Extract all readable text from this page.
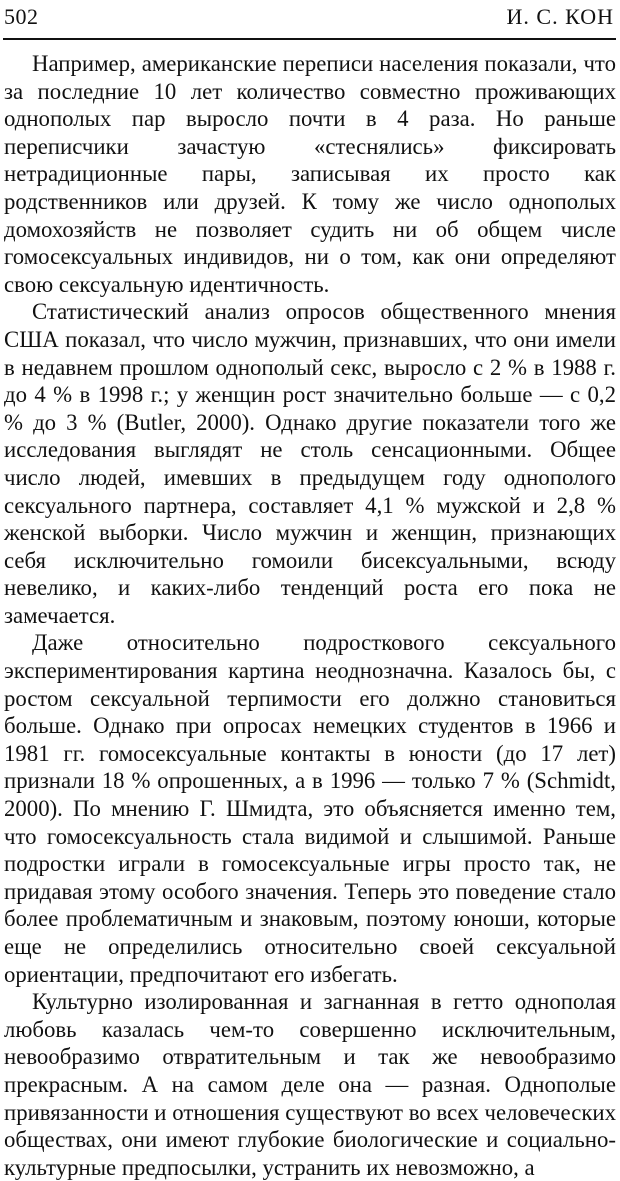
502	И. С. КОН

Например, американские переписи населения показали, что за последние 10 лет количество совместно проживающих однополых пар выросло почти в 4 раза. Но раньше переписчики зачастую «стеснялись» фиксировать нетрадиционные пары, записывая их просто как родственников или друзей. К тому же число однополых домохозяйств не позволяет судить ни об общем числе гомосексуальных индивидов, ни о том, как они определяют свою сексуальную идентичность.

Статистический анализ опросов общественного мнения США показал, что число мужчин, признавших, что они имели в недавнем прошлом однополый секс, выросло с 2 % в 1988 г. до 4 % в 1998 г.; у женщин рост значительно больше — с 0,2 % до 3 % (Butler, 2000). Однако другие показатели того же исследования выглядят не столь сенсационными. Общее число людей, имевших в предыдущем году однополого сексуального партнера, составляет 4,1 % мужской и 2,8 % женской выборки. Число мужчин и женщин, признающих себя исключительно гомоили бисексуальными, всюду невелико, и каких-либо тенденций роста его пока не замечается.

Даже относительно подросткового сексуального экспериментирования картина неоднозначна. Казалось бы, с ростом сексуальной терпимости его должно становиться больше. Однако при опросах немецких студентов в 1966 и 1981 гг. гомосексуальные контакты в юности (до 17 лет) признали 18 % опрошенных, а в 1996 — только 7 % (Schmidt, 2000). По мнению Г. Шмидта, это объясняется именно тем, что гомосексуальность стала видимой и слышимой. Раньше подростки играли в гомосексуальные игры просто так, не придавая этому особого значения. Теперь это поведение стало более проблематичным и знаковым, поэтому юноши, которые еще не определились относительно своей сексуальной ориентации, предпочитают его избегать.

Культурно изолированная и загнанная в гетто однополая любовь казалась чем-то совершенно исключительным, невообразимо отвратительным и так же невообразимо прекрасным. А на самом деле она — разная. Однополые привязанности и отношения существуют во всех человеческих обществах, они имеют глубокие биологические и социально-культурные предпосылки, устранить их невозможно, а
